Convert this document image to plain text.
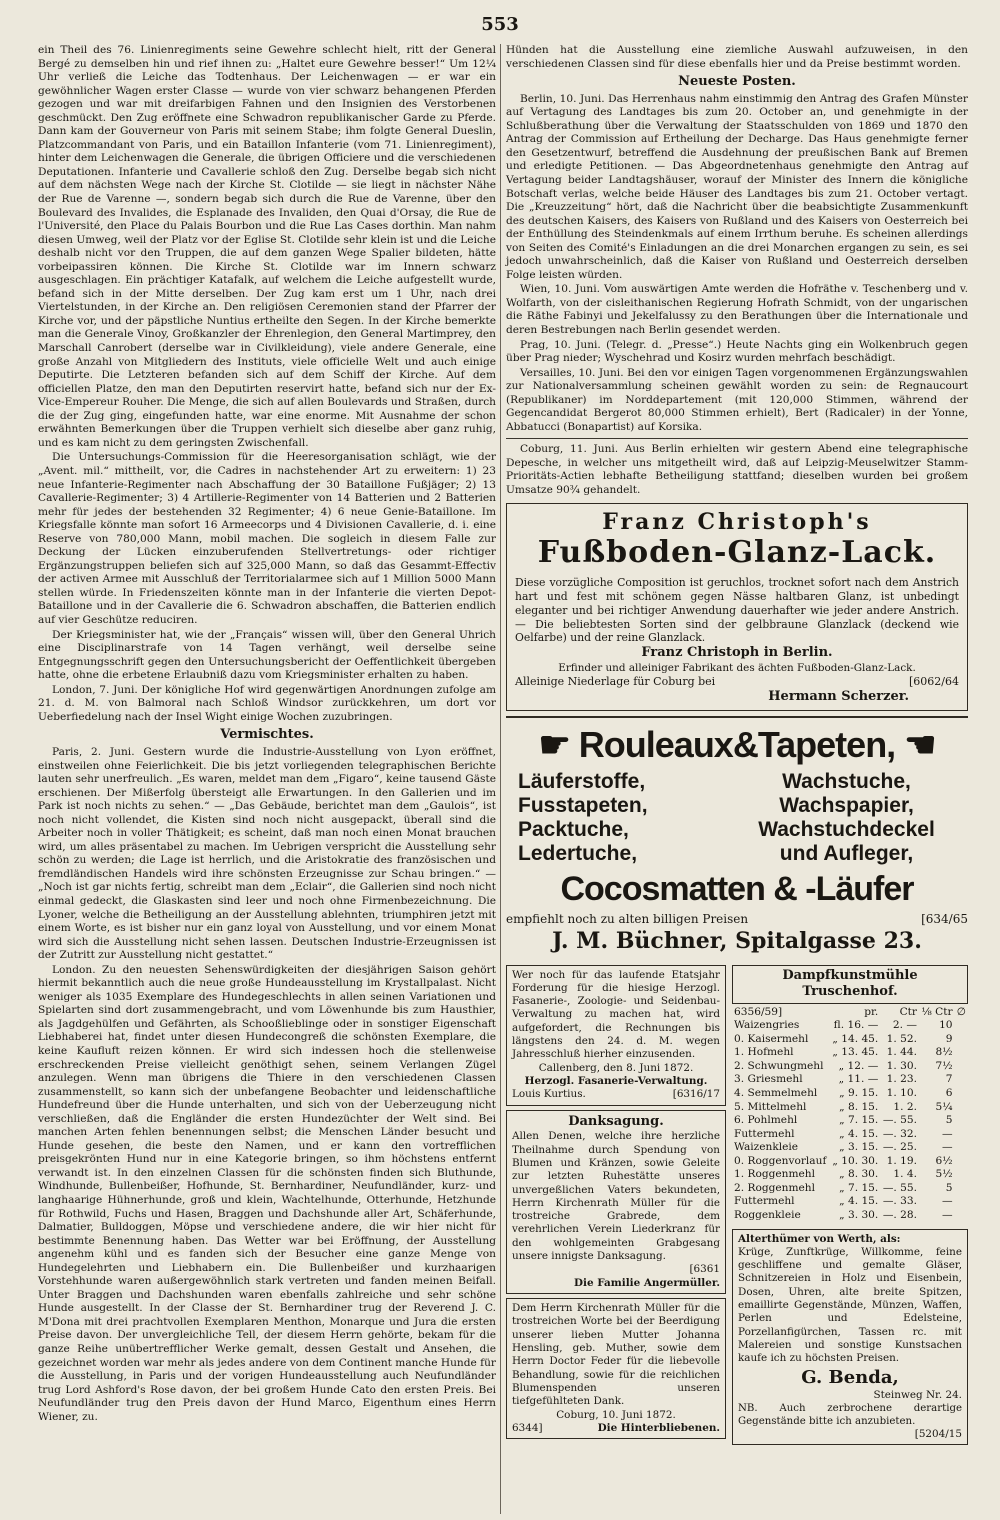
553

ein Theil des 76. Linienregiments seine Gewehre schlecht hielt, ritt der General Bergé zu demselben hin und rief ihnen zu: „Haltet eure Gewehre besser!“ Um 12¼ Uhr verließ die Leiche das Todtenhaus. Der Leichenwagen — er war ein gewöhnlicher Wagen erster Classe — wurde von vier schwarz behangenen Pferden gezogen und war mit dreifarbigen Fahnen und den Insignien des Verstorbenen geschmückt. Den Zug eröffnete eine Schwadron republikanischer Garde zu Pferde. Dann kam der Gouverneur von Paris mit seinem Stabe; ihm folgte General Dueslin, Platzcommandant von Paris, und ein Bataillon Infanterie (vom 71. Linienregiment), hinter dem Leichenwagen die Generale, die übrigen Officiere und die verschiedenen Deputationen. Infanterie und Cavallerie schloß den Zug. Derselbe begab sich nicht auf dem nächsten Wege nach der Kirche St. Clotilde — sie liegt in nächster Nähe der Rue de Varenne —, sondern begab sich durch die Rue de Varenne, über den Boulevard des Invalides, die Esplanade des Invaliden, den Quai d'Orsay, die Rue de l'Université, den Place du Palais Bourbon und die Rue Las Cases dorthin. Man nahm diesen Umweg, weil der Platz vor der Eglise St. Clotilde sehr klein ist und die Leiche deshalb nicht vor den Truppen, die auf dem ganzen Wege Spalier bildeten, hätte vorbeipassiren können. Die Kirche St. Clotilde war im Innern schwarz ausgeschlagen. Ein prächtiger Katafalk, auf welchem die Leiche aufgestellt wurde, befand sich in der Mitte derselben. Der Zug kam erst um 1 Uhr, nach drei Viertelstunden, in der Kirche an. Den religiösen Ceremonien stand der Pfarrer der Kirche vor, und der päpstliche Nuntius ertheilte den Segen. In der Kirche bemerkte man die Generale Vinoy, Großkanzler der Ehrenlegion, den General Martimprey, den Marschall Canrobert (derselbe war in Civilkleidung), viele andere Generale, eine große Anzahl von Mitgliedern des Instituts, viele officielle Welt und auch einige Deputirte. Die Letzteren befanden sich auf dem Schiff der Kirche. Auf dem officiellen Platze, den man den Deputirten reservirt hatte, befand sich nur der Ex-Vice-Empereur Rouher. Die Menge, die sich auf allen Boulevards und Straßen, durch die der Zug ging, eingefunden hatte, war eine enorme. Mit Ausnahme der schon erwähnten Bemerkungen über die Truppen verhielt sich dieselbe aber ganz ruhig, und es kam nicht zu dem geringsten Zwischenfall.

Die Untersuchungs-Commission für die Heeresorganisation schlägt, wie der „Avent. mil.“ mittheilt, vor, die Cadres in nachstehender Art zu erweitern: 1) 23 neue Infanterie-Regimenter nach Abschaffung der 30 Bataillone Fußjäger; 2) 13 Cavallerie-Regimenter; 3) 4 Artillerie-Regimenter von 14 Batterien und 2 Batterien mehr für jedes der bestehenden 32 Regimenter; 4) 6 neue Genie-Bataillone. Im Kriegsfalle könnte man sofort 16 Armeecorps und 4 Divisionen Cavallerie, d. i. eine Reserve von 780,000 Mann, mobil machen. Die sogleich in diesem Falle zur Deckung der Lücken einzuberufenden Stellvertretungs- oder richtiger Ergänzungstruppen beliefen sich auf 325,000 Mann, so daß das Gesammt-Effectiv der activen Armee mit Ausschluß der Territorialarmee sich auf 1 Million 5000 Mann stellen würde. In Friedenszeiten könnte man in der Infanterie die vierten Depot-Bataillone und in der Cavallerie die 6. Schwadron abschaffen, die Batterien endlich auf vier Geschütze reduciren.

Der Kriegsminister hat, wie der „Français“ wissen will, über den General Uhrich eine Disciplinarstrafe von 14 Tagen verhängt, weil derselbe seine Entgegnungsschrift gegen den Untersuchungsbericht der Oeffentlichkeit übergeben hatte, ohne die erbetene Erlaubniß dazu vom Kriegsminister erhalten zu haben.

London, 7. Juni. Der königliche Hof wird gegenwärtigen Anordnungen zufolge am 21. d. M. von Balmoral nach Schloß Windsor zurückkehren, um dort vor Ueberfiedelung nach der Insel Wight einige Wochen zuzubringen.

Vermischtes.

Paris, 2. Juni. Gestern wurde die Industrie-Ausstellung von Lyon eröffnet, einstweilen ohne Feierlichkeit. Die bis jetzt vorliegenden telegraphischen Berichte lauten sehr unerfreulich. „Es waren, meldet man dem „Figaro“, keine tausend Gäste erschienen. Der Mißerfolg übersteigt alle Erwartungen. In den Gallerien und im Park ist noch nichts zu sehen.“ — „Das Gebäude, berichtet man dem „Gaulois“, ist noch nicht vollendet, die Kisten sind noch nicht ausgepackt, überall sind die Arbeiter noch in voller Thätigkeit; es scheint, daß man noch einen Monat brauchen wird, um alles präsentabel zu machen. Im Uebrigen verspricht die Ausstellung sehr schön zu werden; die Lage ist herrlich, und die Aristokratie des französischen und fremdländischen Handels wird ihre schönsten Erzeugnisse zur Schau bringen.“ — „Noch ist gar nichts fertig, schreibt man dem „Eclair“, die Gallerien sind noch nicht einmal gedeckt, die Glaskasten sind leer und noch ohne Firmenbezeichnung. Die Lyoner, welche die Betheiligung an der Ausstellung ablehnten, triumphiren jetzt mit einem Worte, es ist bisher nur ein ganz loyal von Ausstellung, und vor einem Monat wird sich die Ausstellung nicht sehen lassen. Deutschen Industrie-Erzeugnissen ist der Zutritt zur Ausstellung nicht gestattet.“

London. Zu den neuesten Sehenswürdigkeiten der diesjährigen Saison gehört hiermit bekanntlich auch die neue große Hundeausstellung im Krystallpalast. Nicht weniger als 1035 Exemplare des Hundegeschlechts in allen seinen Variationen und Spielarten sind dort zusammengebracht, und vom Löwenhunde bis zum Hausthier, als Jagdgehülfen und Gefährten, als Schooßlieblinge oder in sonstiger Eigenschaft Liebhaberei hat, findet unter diesen Hundecongreß die schönsten Exemplare, die keine Kaufluft reizen können. Er wird sich indessen hoch die stellenweise erschreckenden Preise vielleicht genöthigt sehen, seinem Verlangen Zügel anzulegen. Wenn man übrigens die Thiere in den verschiedenen Classen zusammenstellt, so kann sich der unbefangene Beobachter und leidenschaftliche Hundefreund über die Hunde unterhalten, und sich von der Ueberzeugung nicht verschließen, daß die Engländer die ersten Hundezüchter der Welt sind. Bei manchen Arten fehlen benennungen selbst; die Menschen Länder besucht und Hunde gesehen, die beste den Namen, und er kann den vortrefflichen preisgekrönten Hund nur in eine Kategorie bringen, so ihm höchstens entfernt verwandt ist. In den einzelnen Classen für die schönsten finden sich Bluthunde, Windhunde, Bullenbeißer, Hofhunde, St. Bernhardiner, Neufundländer, kurz- und langhaarige Hühnerhunde, groß und klein, Wachtelhunde, Otterhunde, Hetzhunde für Rothwild, Fuchs und Hasen, Braggen und Dachshunde aller Art, Schäferhunde, Dalmatier, Bulldoggen, Möpse und verschiedene andere, die wir hier nicht für bestimmte Benennung haben. Das Wetter war bei Eröffnung, der Ausstellung angenehm kühl und es fanden sich der Besucher eine ganze Menge von Hundegelehrten und Liebhabern ein. Die Bullenbeißer und kurzhaarigen Vorstehhunde waren außergewöhnlich stark vertreten und fanden meinen Beifall. Unter Braggen und Dachshunden waren ebenfalls zahlreiche und sehr schöne Hunde ausgestellt. In der Classe der St. Bernhardiner trug der Reverend J. C. M'Dona mit drei prachtvollen Exemplaren Menthon, Monarque und Jura die ersten Preise davon. Der unvergleichliche Tell, der diesem Herrn gehörte, bekam für die ganze Reihe unübertrefflicher Werke gemalt, dessen Gestalt und Ansehen, die gezeichnet worden war mehr als jedes andere von dem Continent manche Hunde für die Ausstellung, in Paris und der vorigen Hundeausstellung auch Neufundländer trug Lord Ashford's Rose davon, der bei großem Hunde Cato den ersten Preis. Bei Neufundländer trug den Preis davon der Hund Marco, Eigenthum eines Herrn Wiener, zu.

Hünden hat die Ausstellung eine ziemliche Auswahl aufzuweisen, in den verschiedenen Classen sind für diese ebenfalls hier und da Preise bestimmt worden.

Neueste Posten.

Berlin, 10. Juni. Das Herrenhaus nahm einstimmig den Antrag des Grafen Münster auf Vertagung des Landtages bis zum 20. October an, und genehmigte in der Schlußberathung über die Verwaltung der Staatsschulden von 1869 und 1870 den Antrag der Commission auf Ertheilung der Decharge. Das Haus genehmigte ferner den Gesetzentwurf, betreffend die Ausdehnung der preußischen Bank auf Bremen und erledigte Petitionen. — Das Abgeordnetenhaus genehmigte den Antrag auf Vertagung beider Landtagshäuser, worauf der Minister des Innern die königliche Botschaft verlas, welche beide Häuser des Landtages bis zum 21. October vertagt. Die „Kreuzzeitung“ hört, daß die Nachricht über die beabsichtigte Zusammenkunft des deutschen Kaisers, des Kaisers von Rußland und des Kaisers von Oesterreich bei der Enthüllung des Steindenkmals auf einem Irrthum beruhe. Es scheinen allerdings von Seiten des Comité's Einladungen an die drei Monarchen ergangen zu sein, es sei jedoch unwahrscheinlich, daß die Kaiser von Rußland und Oesterreich derselben Folge leisten würden.

Wien, 10. Juni. Vom auswärtigen Amte werden die Hofräthe v. Teschenberg und v. Wolfarth, von der cisleithanischen Regierung Hofrath Schmidt, von der ungarischen die Räthe Fabinyi und Jekelfalussy zu den Berathungen über die Internationale und deren Bestrebungen nach Berlin gesendet werden.

Prag, 10. Juni. (Telegr. d. „Presse“.) Heute Nachts ging ein Wolkenbruch gegen über Prag nieder; Wyschehrad und Kosirz wurden mehrfach beschädigt.

Versailles, 10. Juni. Bei den vor einigen Tagen vorgenommenen Ergänzungswahlen zur Nationalversammlung scheinen gewählt worden zu sein: de Regnaucourt (Republikaner) im Norddepartement (mit 120,000 Stimmen, während der Gegencandidat Bergerot 80,000 Stimmen erhielt), Bert (Radicaler) in der Yonne, Abbatucci (Bonapartist) auf Korsika.

Coburg, 11. Juni. Aus Berlin erhielten wir gestern Abend eine telegraphische Depesche, in welcher uns mitgetheilt wird, daß auf Leipzig-Meuselwitzer Stamm-Prioritäts-Actien lebhafte Betheiligung stattfand; dieselben wurden bei großem Umsatze 90¾ gehandelt.

Franz Christoph's
Fußboden-Glanz-Lack.
Diese vorzügliche Composition ist geruchlos, trocknet sofort nach dem Anstrich hart und fest mit schönem gegen Nässe haltbaren Glanz, ist unbedingt eleganter und bei richtiger Anwendung dauerhafter wie jeder andere Anstrich. — Die beliebtesten Sorten sind der gelbbraune Glanzlack (deckend wie Oelfarbe) und der reine Glanzlack.
Franz Christoph in Berlin.
Erfinder und alleiniger Fabrikant des ächten Fußboden-Glanz-Lack.
Alleinige Niederlage für Coburg bei	[6062/64
Hermann Scherzer.
☛ Rouleaux&Tapeten, ☚
Läuferstoffe,	Wachstuche,
Fusstapeten,	Wachspapier,
Packtuche,	Wachstuchdeckel
Ledertuche,	und Aufleger,
Cocosmatten & -Läufer
empfiehlt noch zu alten billigen Preisen	[634/65
J. M. Büchner, Spitalgasse 23.
Wer noch für das laufende Etatsjahr Forderung für die hiesige Herzogl. Fasanerie-, Zoologie- und Seidenbau-Verwaltung zu machen hat, wird aufgefordert, die Rechnungen bis längstens den 24. d. M. wegen Jahresschluß hierher einzusenden.
Callenberg, den 8. Juni 1872.
Herzogl. Fasanerie-Verwaltung.
Louis Kurtius.	[6316/17
Danksagung.
Allen Denen, welche ihre herzliche Theilnahme durch Spendung von Blumen und Kränzen, sowie Geleite zur letzten Ruhestätte unseres unvergeßlichen Vaters bekundeten, Herrn Kirchenrath Müller für die trostreiche Grabrede, dem verehrlichen Verein Liederkranz für den wohlgemeinten Grabgesang unsere innigste Danksagung.
[6361
Die Familie Angermüller.
Dem Herrn Kirchenrath Müller für die trostreichen Worte bei der Beerdigung unserer lieben Mutter Johanna Hensling, geb. Muther, sowie dem Herrn Doctor Feder für die liebevolle Behandlung, sowie für die reichlichen Blumenspenden unseren tiefgefühlteten Dank.
Coburg, 10. Juni 1872.
6344]	Die Hinterbliebenen.
Dampfkunstmühle Truschenhof.
6356/59]	pr.	Ctr	⅛ Ctr	∅
Waizengries	fl. 16. —	2. —	10	
0. Kaisermehl	„ 14. 45.	1. 52.	9	
1. Hofmehl	„ 13. 45.	1. 44.	8½	
2. Schwungmehl	„ 12. —	1. 30.	7½	
3. Griesmehl	„ 11. —	1. 23.	7	
4. Semmelmehl	„ 9. 15.	1. 10.	6	
5. Mittelmehl	„ 8. 15.	1. 2.	5¼	
6. Pohlmehl	„ 7. 15.	—. 55.	5	
Futtermehl	„ 4. 15.	—. 32.	—	
Waizenkleie	„ 3. 15.	—. 25.	—	
0. Roggenvorlauf	„ 10. 30.	1. 19.	6½	
1. Roggenmehl	„ 8. 30.	1. 4.	5½	
2. Roggenmehl	„ 7. 15.	—. 55.	5	
Futtermehl	„ 4. 15.	—. 33.	—	
Roggenkleie	„ 3. 30.	—. 28.	—	
Alterthümer von Werth, als:
Krüge, Zunftkrüge, Willkomme, feine geschliffene und gemalte Gläser, Schnitzereien in Holz und Eisenbein, Dosen, Uhren, alte breite Spitzen, emaillirte Gegenstände, Münzen, Waffen, Perlen und Edelsteine, Porzellanfigürchen, Tassen rc. mit Malereien und sonstige Kunstsachen kaufe ich zu höchsten Preisen.
G. Benda,
Steinweg Nr. 24.
NB. Auch zerbrochene derartige Gegenstände bitte ich anzubieten.
[5204/15
